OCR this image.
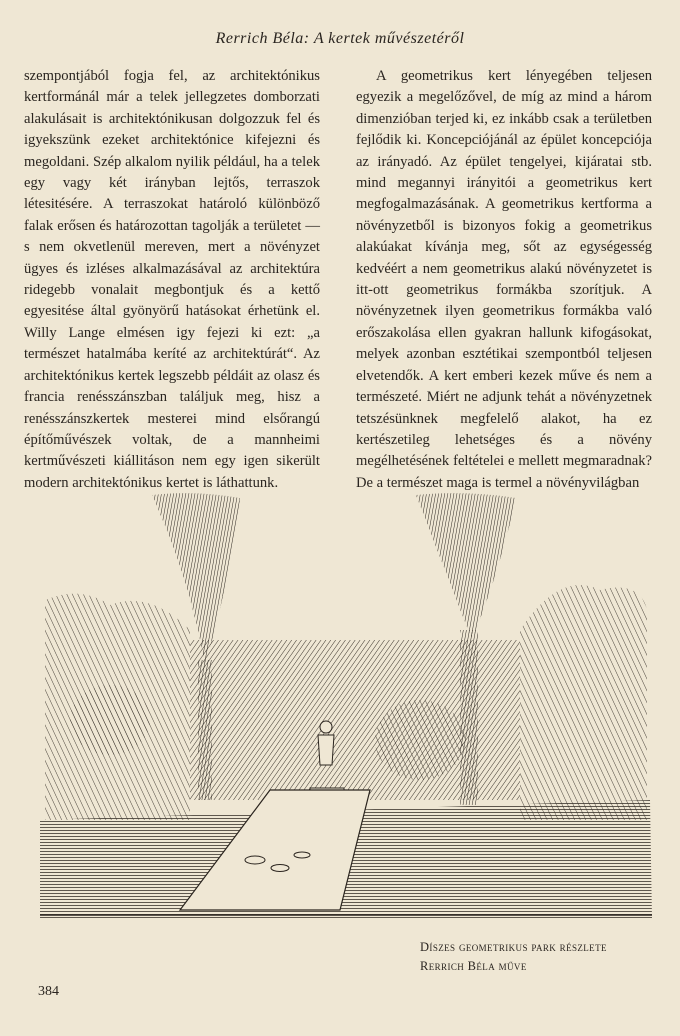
Rerrich Béla: A kertek művészetéről

szempontjából fogja fel, az architektónikus kertformánál már a telek jellegzetes domborzati alakulásait is architektónikusan dolgozzuk fel és igyekszünk ezeket architektónice kifejezni és megoldani. Szép alkalom nyilik például, ha a telek egy vagy két irányban lejtős, terraszok létesitésére. A terraszokat határoló különböző falak erősen és határozottan tagolják a területet — s nem okvetlenül mereven, mert a növényzet ügyes és izléses alkalmazásával az architektúra ridegebb vonalait megbontjuk és a kettő egyesitése által gyönyörű hatásokat érhetünk el. Willy Lange elmésen igy fejezi ki ezt: „a természet hatalmába keríté az architektúrát“. Az architektónikus kertek legszebb példáit az olasz és francia renésszánszban találjuk meg, hisz a renésszánszkertek mesterei mind elsőrangú építőművészek voltak, de a mannheimi kertművészeti kiállitáson nem egy igen sikerült modern architektónikus kertet is láthattunk.

A geometrikus kert lényegében teljesen egyezik a megelőzővel, de míg az mind a három dimenzióban terjed ki, ez inkább csak a területben fejlődik ki. Koncepciójánál az épület koncepciója az irányadó. Az épület tengelyei, kijáratai stb. mind megannyi irányitói a geometrikus kert megfogalmazásának. A geometrikus kertforma a növényzetből is bizonyos fokig a geometrikus alakúakat kívánja meg, sőt az egységesség kedvéért a nem geometrikus alakú növényzetet is itt-ott geometrikus formákba szorítjuk. A növényzetnek ilyen geometrikus formákba való erőszakolása ellen gyakran hallunk kifogásokat, melyek azonban esztétikai szempontból teljesen elvetendők. A kert emberi kezek műve és nem a természeté. Miért ne adjunk tehát a növényzetnek tetszésünknek megfelelő alakot, ha ez kertészetileg lehetséges és a növény megélhetésének feltételei e mellett megmaradnak? De a természet maga is termel a növényvilágban

Díszes geometrikus park részlete
Rerrich Béla műve
384
